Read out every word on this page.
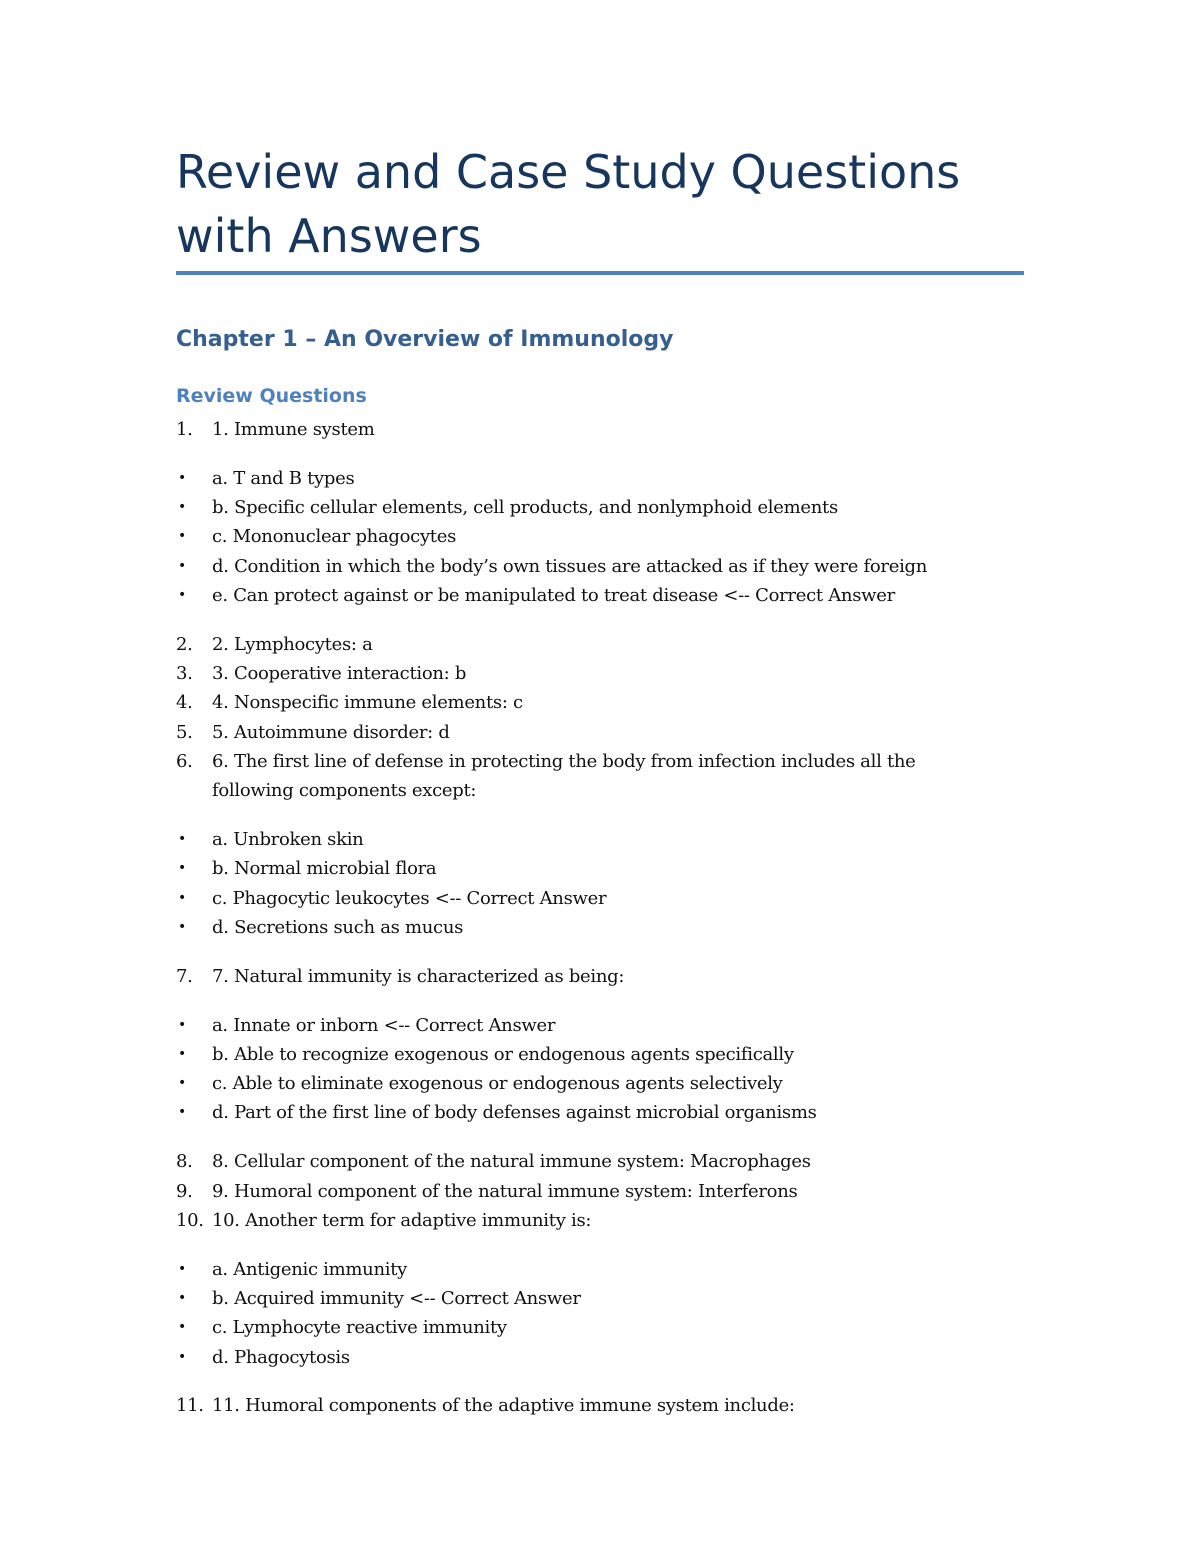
Review and Case Study Questions with Answers
Chapter 1 – An Overview of Immunology
Review Questions
1. 1. Immune system
• a. T and B types
• b. Specific cellular elements, cell products, and nonlymphoid elements
• c. Mononuclear phagocytes
• d. Condition in which the body’s own tissues are attacked as if they were foreign
• e. Can protect against or be manipulated to treat disease <-- Correct Answer
2. 2. Lymphocytes: a
3. 3. Cooperative interaction: b
4. 4. Nonspecific immune elements: c
5. 5. Autoimmune disorder: d
6. 6. The first line of defense in protecting the body from infection includes all the following components except:
• a. Unbroken skin
• b. Normal microbial flora
• c. Phagocytic leukocytes <-- Correct Answer
• d. Secretions such as mucus
7. 7. Natural immunity is characterized as being:
• a. Innate or inborn <-- Correct Answer
• b. Able to recognize exogenous or endogenous agents specifically
• c. Able to eliminate exogenous or endogenous agents selectively
• d. Part of the first line of body defenses against microbial organisms
8. 8. Cellular component of the natural immune system: Macrophages
9. 9. Humoral component of the natural immune system: Interferons
10. 10. Another term for adaptive immunity is:
• a. Antigenic immunity
• b. Acquired immunity <-- Correct Answer
• c. Lymphocyte reactive immunity
• d. Phagocytosis
11. 11. Humoral components of the adaptive immune system include:
